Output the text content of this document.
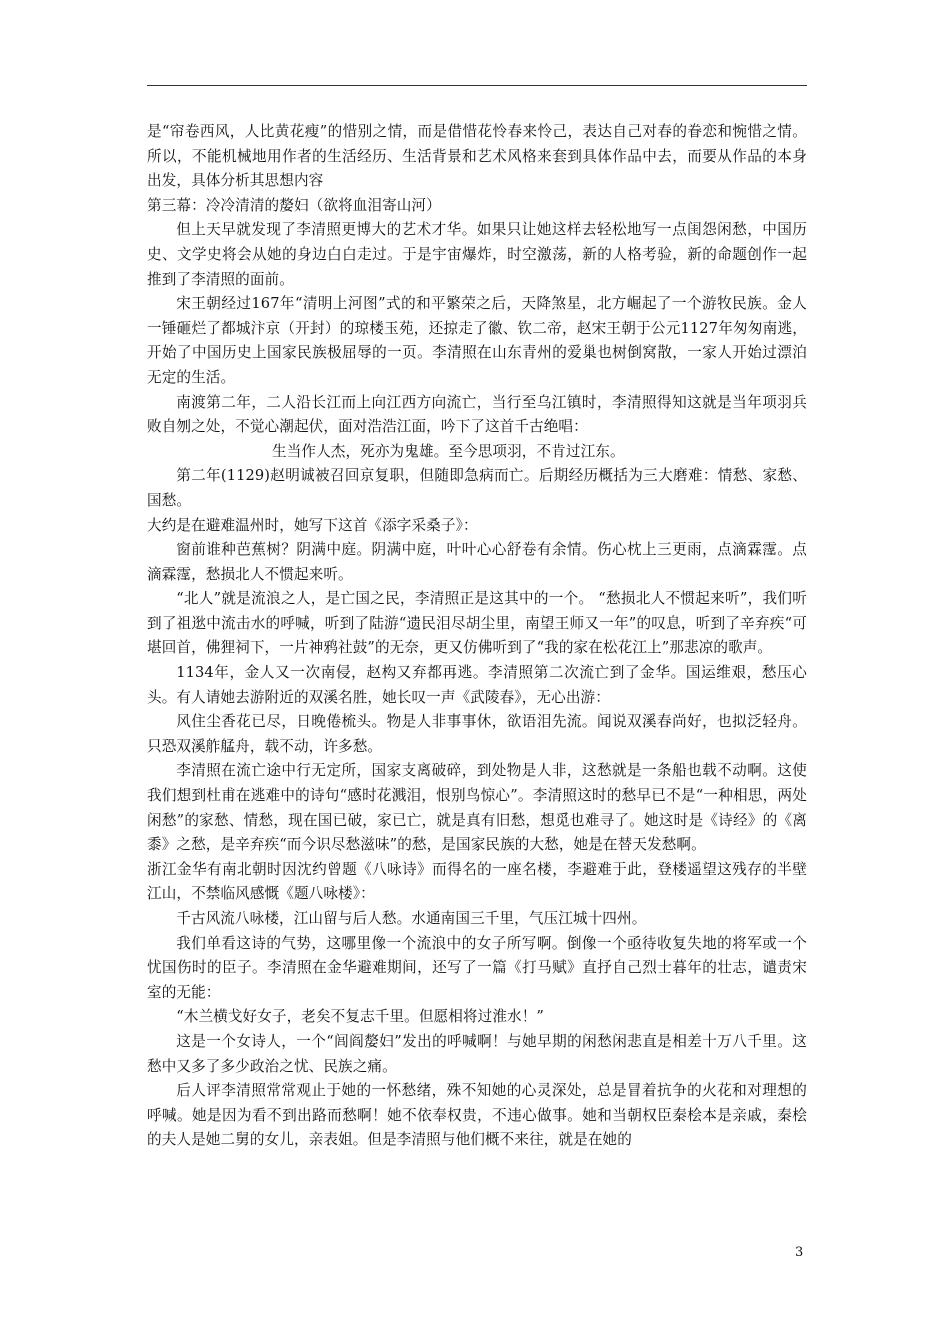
是“帘卷西风，人比黄花瘦”的惜别之情，而是借惜花怜春来怜己，表达自己对春的眷恋和惋惜之情。所以，不能机械地用作者的生活经历、生活背景和艺术风格来套到具体作品中去，而要从作品的本身出发，具体分析其思想内容

第三幕：冷冷清清的嫠妇（欲将血泪寄山河）

但上天早就发现了李清照更博大的艺术才华。如果只让她这样去轻松地写一点闺怨闲愁，中国历史、文学史将会从她的身边白白走过。于是宇宙爆炸，时空激荡，新的人格考验，新的命题创作一起推到了李清照的面前。

宋王朝经过167年“清明上河图”式的和平繁荣之后，天降煞星，北方崛起了一个游牧民族。金人一锤砸烂了都城汴京（开封）的琼楼玉苑，还掠走了徽、钦二帝，赵宋王朝于公元1127年匆匆南逃，开始了中国历史上国家民族极屈辱的一页。李清照在山东青州的爱巢也树倒窝散，一家人开始过漂泊无定的生活。

南渡第二年，二人沿长江而上向江西方向流亡，当行至乌江镇时，李清照得知这就是当年项羽兵败自刎之处，不觉心潮起伏，面对浩浩江面，吟下了这首千古绝唱：

生当作人杰，死亦为鬼雄。至今思项羽，不肯过江东。

第二年(1129)赵明诚被召回京复职，但随即急病而亡。后期经历概括为三大磨难：情愁、家愁、国愁。

大约是在避难温州时，她写下这首《添字采桑子》：

窗前谁种芭蕉树？阴满中庭。阴满中庭，叶叶心心舒卷有余情。伤心枕上三更雨，点滴霖霪。点滴霖霪，愁损北人不惯起来听。

“北人”就是流浪之人，是亡国之民，李清照正是这其中的一个。 “愁损北人不惯起来听”，我们听到了祖逖中流击水的呼喊，听到了陆游“遗民泪尽胡尘里，南望王师又一年”的叹息，听到了辛弃疾“可堪回首，佛狸祠下，一片神鸦社鼓”的无奈，更又仿佛听到了“我的家在松花江上”那悲凉的歌声。

1134年，金人又一次南侵，赵构又弃都再逃。李清照第二次流亡到了金华。国运维艰，愁压心头。有人请她去游附近的双溪名胜，她长叹一声《武陵春》，无心出游：

风住尘香花已尽，日晚倦梳头。物是人非事事休，欲语泪先流。闻说双溪春尚好，也拟泛轻舟。只恐双溪舴艋舟，载不动，许多愁。

李清照在流亡途中行无定所，国家支离破碎，到处物是人非，这愁就是一条船也载不动啊。这使我们想到杜甫在逃难中的诗句“感时花溅泪，恨别鸟惊心”。李清照这时的愁早已不是“一种相思，两处闲愁”的家愁、情愁，现在国已破，家已亡，就是真有旧愁，想觅也难寻了。她这时是《诗经》的《离黍》之愁，是辛弃疾“而今识尽愁滋味”的愁，是国家民族的大愁，她是在替天发愁啊。

浙江金华有南北朝时因沈约曾题《八咏诗》而得名的一座名楼，李避难于此，登楼遥望这残存的半壁江山，不禁临风感慨《题八咏楼》：

千古风流八咏楼，江山留与后人愁。水通南国三千里，气压江城十四州。

我们单看这诗的气势，这哪里像一个流浪中的女子所写啊。倒像一个亟待收复失地的将军或一个忧国伤时的臣子。李清照在金华避难期间，还写了一篇《打马赋》直抒自己烈士暮年的壮志，谴责宋室的无能：

“木兰横戈好女子，老矣不复志千里。但愿相将过淮水！”

这是一个女诗人，一个“闾阎嫠妇”发出的呼喊啊！与她早期的闲愁闲悲直是相差十万八千里。这愁中又多了多少政治之忧、民族之痛。

后人评李清照常常观止于她的一怀愁绪，殊不知她的心灵深处，总是冒着抗争的火花和对理想的呼喊。她是因为看不到出路而愁啊！她不依奉权贵，不违心做事。她和当朝权臣秦桧本是亲戚，秦桧的夫人是她二舅的女儿，亲表姐。但是李清照与他们概不来往，就是在她的

3
